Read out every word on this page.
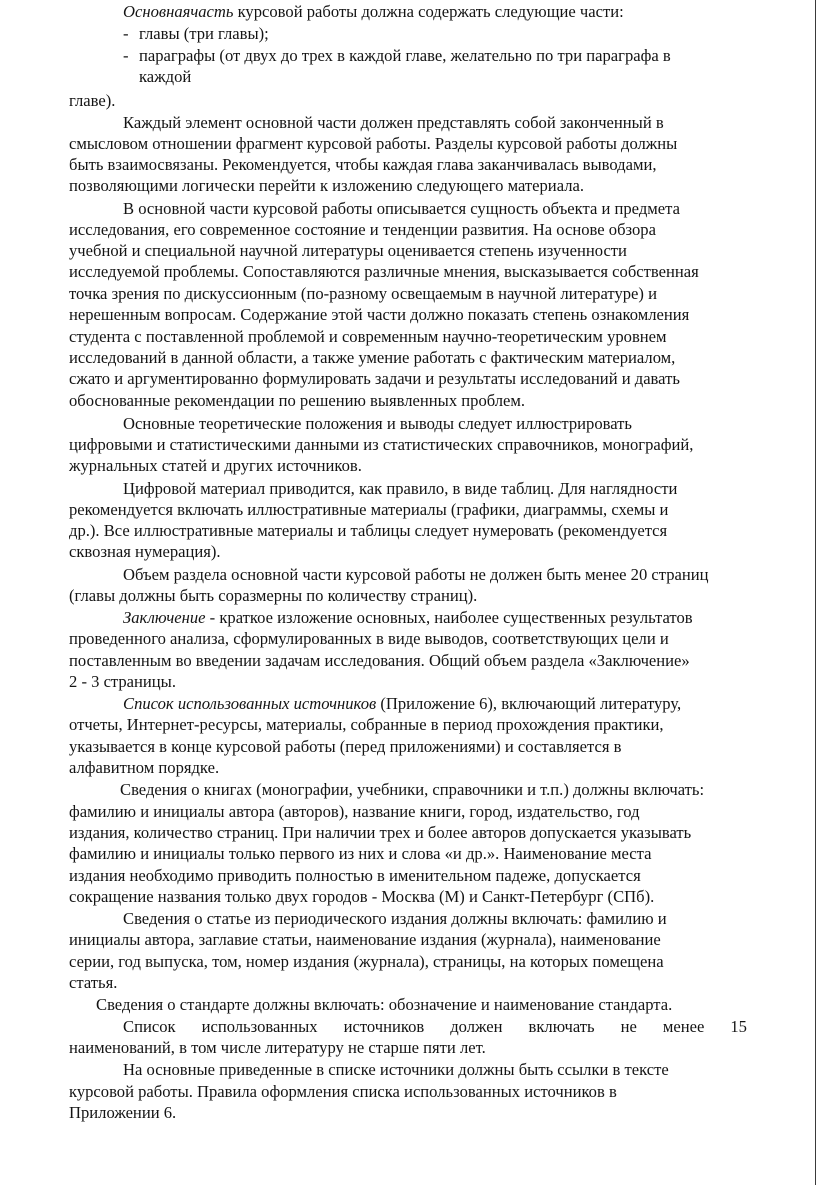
Основнаячасть курсовой работы должна содержать следующие части:
- главы (три главы);
- параграфы (от двух до трех в каждой главе, желательно по три параграфа в
каждой
главе).
Каждый элемент основной части должен представлять собой законченный в
смысловом отношении фрагмент курсовой работы. Разделы курсовой работы должны
быть взаимосвязаны. Рекомендуется, чтобы каждая глава заканчивалась выводами,
позволяющими логически перейти к изложению следующего материала.
В основной части курсовой работы описывается сущность объекта и предмета
исследования, его современное состояние и тенденции развития. На основе обзора
учебной и специальной научной литературы оценивается степень изученности
исследуемой проблемы. Сопоставляются различные мнения, высказывается собственная
точка зрения по дискуссионным (по-разному освещаемым в научной литературе) и
нерешенным вопросам. Содержание этой части должно показать степень ознакомления
студента с поставленной проблемой и современным научно-теоретическим уровнем
исследований в данной области, а также умение работать с фактическим материалом,
сжато и аргументированно формулировать задачи и результаты исследований и давать
обоснованные рекомендации по решению выявленных проблем.
Основные теоретические положения и выводы следует иллюстрировать
цифровыми и статистическими данными из статистических справочников, монографий,
журнальных статей и других источников.
Цифровой материал приводится, как правило, в виде таблиц. Для наглядности
рекомендуется включать иллюстративные материалы (графики, диаграммы, схемы и
др.). Все иллюстративные материалы и таблицы следует нумеровать (рекомендуется
сквозная нумерация).
Объем раздела основной части курсовой работы не должен быть менее 20 страниц
(главы должны быть соразмерны по количеству страниц).
Заключение - краткое изложение основных, наиболее существенных результатов
проведенного анализа, сформулированных в виде выводов, соответствующих цели и
поставленным во введении задачам исследования. Общий объем раздела «Заключение»
2 - 3 страницы.
Список использованных источников (Приложение 6), включающий литературу,
отчеты, Интернет-ресурсы, материалы, собранные в период прохождения практики,
указывается в конце курсовой работы (перед приложениями) и составляется в
алфавитном порядке.
Сведения о книгах (монографии, учебники, справочники и т.п.) должны включать:
фамилию и инициалы автора (авторов), название книги, город, издательство, год
издания, количество страниц. При наличии трех и более авторов допускается указывать
фамилию и инициалы только первого из них и слова «и др.». Наименование места
издания необходимо приводить полностью в именительном падеже, допускается
сокращение названия только двух городов - Москва (М) и Санкт-Петербург (СПб).
Сведения о статье из периодического издания должны включать: фамилию и
инициалы автора, заглавие статьи, наименование издания (журнала), наименование
серии, год выпуска, том, номер издания (журнала), страницы, на которых помещена
статья.
Сведения о стандарте должны включать: обозначение и наименование стандарта.
Список использованных источников должен включать не менее 15
наименований, в том числе литературу не старше пяти лет.
На основные приведенные в списке источники должны быть ссылки в тексте
курсовой работы. Правила оформления списка использованных источников в
Приложении 6.
